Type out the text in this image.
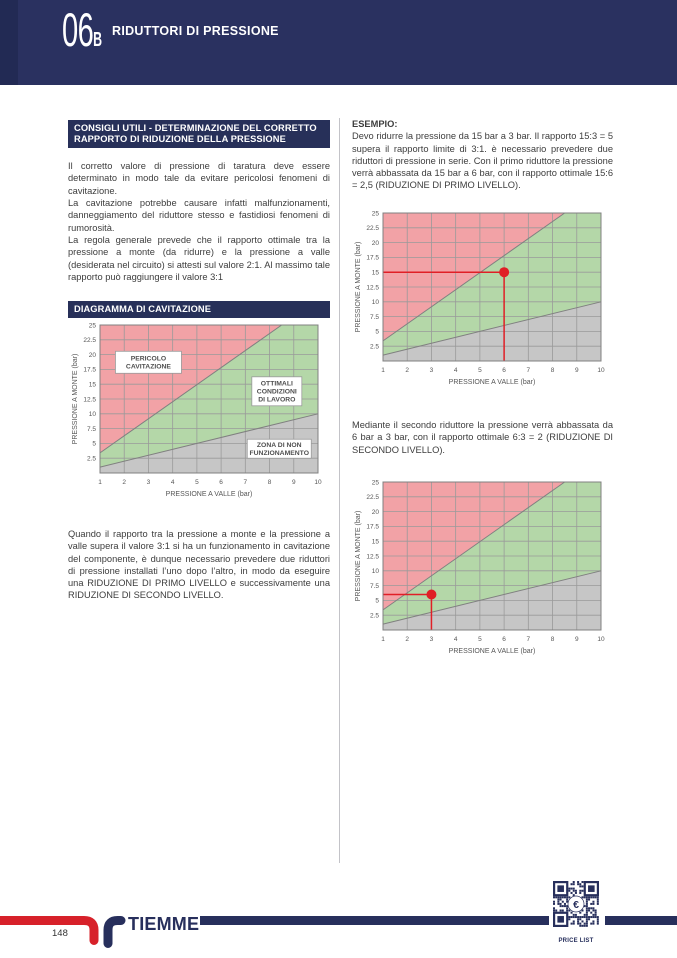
06B RIDUTTORI DI PRESSIONE
CONSIGLI UTILI - DETERMINAZIONE DEL CORRETTO RAPPORTO DI RIDUZIONE DELLA PRESSIONE
Il corretto valore di pressione di taratura deve essere determinato in modo tale da evitare pericolosi fenomeni di cavitazione.
La cavitazione potrebbe causare infatti malfunzionamenti, danneggiamento del riduttore stesso e fastidiosi fenomeni di rumorosità.
La regola generale prevede che il rapporto ottimale tra la pressione a monte (da ridurre) e la pressione a valle (desiderata nel circuito) si attesti sul valore 2:1. Al massimo tale rapporto può raggiungere il valore 3:1
DIAGRAMMA DI CAVITAZIONE
1	2	3	4	5	6	7	8	9	10
2.5
5
7.5
10
12.5
15
17.5
20
22.5
25
PERICOLO
CAVITAZIONE
OTTIMALI
CONDIZIONI
DI LAVORO
ZONA DI NON
FUNZIONAMENTO
PRESSIONE A VALLE (bar)
PRESSIONE A MONTE (bar)
Quando il rapporto tra la pressione a monte e la pressione a valle supera il valore 3:1 si ha un funzionamento in cavitazione del componente, è dunque necessario prevedere due riduttori di pressione installati l’uno dopo l’altro, in modo da eseguire una RIDUZIONE DI PRIMO LIVELLO e successivamente una RIDUZIONE DI SECONDO LIVELLO.
ESEMPIO:
Devo ridurre la pressione da 15 bar a 3 bar. Il rapporto 15:3 = 5 supera il rapporto limite di 3:1. è necessario prevedere due riduttori di pressione in serie. Con il primo riduttore la pressione verrà abbassata da 15 bar a 6 bar, con il rapporto ottimale 15:6 = 2,5 (RIDUZIONE DI PRIMO LIVELLO).
1	2	3	4	5	6	7	8	9	10
2.5
5
7.5
10
12.5
15
17.5
20
22.5
25
PRESSIONE A VALLE (bar)
PRESSIONE A MONTE (bar)
Mediante il secondo riduttore la pressione verrà abbassata da 6 bar a 3 bar, con il rapporto ottimale 6:3 = 2 (RIDUZIONE DI SECONDO LIVELLO).
1	2	3	4	5	6	7	8	9	10
2.5
5
7.5
10
12.5
15
17.5
20
22.5
25
PRESSIONE A VALLE (bar)
PRESSIONE A MONTE (bar)
TIEMME
148
€
PRICE LIST
